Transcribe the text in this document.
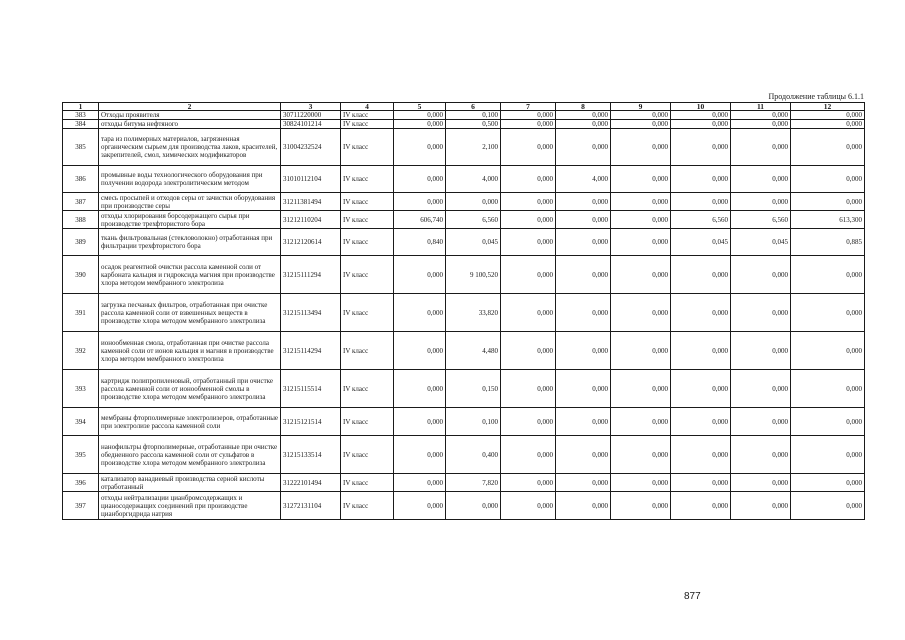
Продолжение таблицы 6.1.1
1	2	3	4	5	6	7	8	9	10	11	12
383	Отходы проявителя	30711220000	IV класс	0,000	0,100	0,000	0,000	0,000	0,000	0,000	0,000
384	отходы битума нефтяного	30824101214	IV класс	0,000	0,500	0,000	0,000	0,000	0,000	0,000	0,000
385	тара из полимерных материалов, загрязненная органическим сырьем для производства лаков, красителей, закрепителей, смол, химических модификаторов	31004232524	IV класс	0,000	2,100	0,000	0,000	0,000	0,000	0,000	0,000
386	промывные воды технологического оборудования при получении водорода электролитическим методом	31010112104	IV класс	0,000	4,000	0,000	4,000	0,000	0,000	0,000	0,000
387	смесь просыпей и отходов серы от зачистки оборудования при производстве серы	31211381494	IV класс	0,000	0,000	0,000	0,000	0,000	0,000	0,000	0,000
388	отходы хлорирования борсодержащего сырья при производстве трехфтористого бора	31212110204	IV класс	606,740	6,560	0,000	0,000	0,000	6,560	6,560	613,300
389	ткань фильтровальная (стекловолокно) отработанная при фильтрации трехфтористого бора	31212120614	IV класс	0,840	0,045	0,000	0,000	0,000	0,045	0,045	0,885
390	осадок реагентной очистки рассола каменной соли от карбоната кальция и гидроксида магния при производстве хлора методом мембранного электролиза	31215111294	IV класс	0,000	9 100,520	0,000	0,000	0,000	0,000	0,000	0,000
391	загрузка песчаных фильтров, отработанная при очистке рассола каменной соли от взвешенных веществ в производстве хлора методом мембранного электролиза	31215113494	IV класс	0,000	33,820	0,000	0,000	0,000	0,000	0,000	0,000
392	ионообменная смола, отработанная при очистке рассола каменной соли от ионов кальция и магния в производстве хлора методом мембранного электролиза	31215114294	IV класс	0,000	4,480	0,000	0,000	0,000	0,000	0,000	0,000
393	картридж полипропиленовый, отработанный при очистке рассола каменной соли от ионообменной смолы в производстве хлора методом мембранного электролиза	31215115514	IV класс	0,000	0,150	0,000	0,000	0,000	0,000	0,000	0,000
394	мембраны фторполимерные электролизеров, отработанные при электролизе рассола каменной соли	31215121514	IV класс	0,000	0,100	0,000	0,000	0,000	0,000	0,000	0,000
395	нанофильтры фторполимерные, отработанные при очистке обедненного рассола каменной соли от сульфатов в производстве хлора методом мембранного электролиза	31215133514	IV класс	0,000	0,400	0,000	0,000	0,000	0,000	0,000	0,000
396	катализатор ванадиевый производства серной кислоты отработанный	31222101494	IV класс	0,000	7,820	0,000	0,000	0,000	0,000	0,000	0,000
397	отходы нейтрализации цианбромсодержащих и цианосодержащих соединений при производстве цианборгидрида натрия	31272131104	IV класс	0,000	0,000	0,000	0,000	0,000	0,000	0,000	0,000
877
